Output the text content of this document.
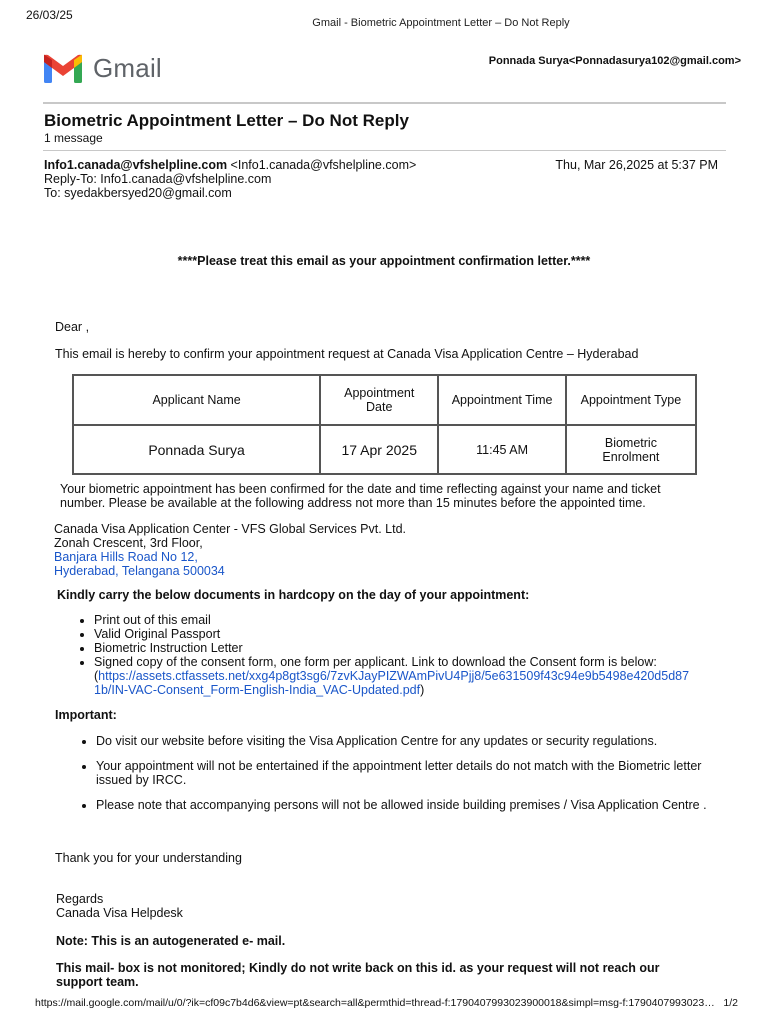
26/03/25
Gmail - Biometric Appointment Letter – Do Not Reply
Gmail	Ponnada Surya<Ponnadasurya102@gmail.com>
Biometric Appointment Letter – Do Not Reply
1 message
Info1.canada@vfshelpline.com <Info1.canada@vfshelpline.com>
Reply-To: Info1.canada@vfshelpline.com
To: syedakbersyed20@gmail.com
Thu, Mar 26,2025 at 5:37 PM
****Please treat this email as your appointment confirmation letter.****
Dear ,
This email is hereby to confirm your appointment request at Canada Visa Application Centre – Hyderabad
Applicant Name	Appointment Date	Appointment Time	Appointment Type
Ponnada Surya	17 Apr 2025	11:45 AM	Biometric Enrolment
Your biometric appointment has been confirmed for the date and time reflecting against your name and ticket
number. Please be available at the following address not more than 15 minutes before the appointed time.
Canada Visa Application Center - VFS Global Services Pvt. Ltd.
Zonah Crescent, 3rd Floor,
Banjara Hills Road No 12,
Hyderabad, Telangana 500034
Kindly carry the below documents in hardcopy on the day of your appointment:
• Print out of this email
• Valid Original Passport
• Biometric Instruction Letter
• Signed copy of the consent form, one form per applicant. Link to download the Consent form is below:
(https://assets.ctfassets.net/xxg4p8gt3sg6/7zvKJayPIZWAmPivU4Pjj8/5e631509f43c94e9b5498e420d5d87
1b/IN-VAC-Consent_Form-English-India_VAC-Updated.pdf)
Important:
• Do visit our website before visiting the Visa Application Centre for any updates or security regulations.
• Your appointment will not be entertained if the appointment letter details do not match with the Biometric letter issued by IRCC.
• Please note that accompanying persons will not be allowed inside building premises / Visa Application Centre .
Thank you for your understanding
Regards
Canada Visa Helpdesk
Note: This is an autogenerated e- mail.
This mail- box is not monitored; Kindly do not write back on this id. as your request will not reach our
support team.
https://mail.google.com/mail/u/0/?ik=cf09c7b4d6&view=pt&search=all&permthid=thread-f:1790407993023900018&simpl=msg-f:1790407993023… 1/2
